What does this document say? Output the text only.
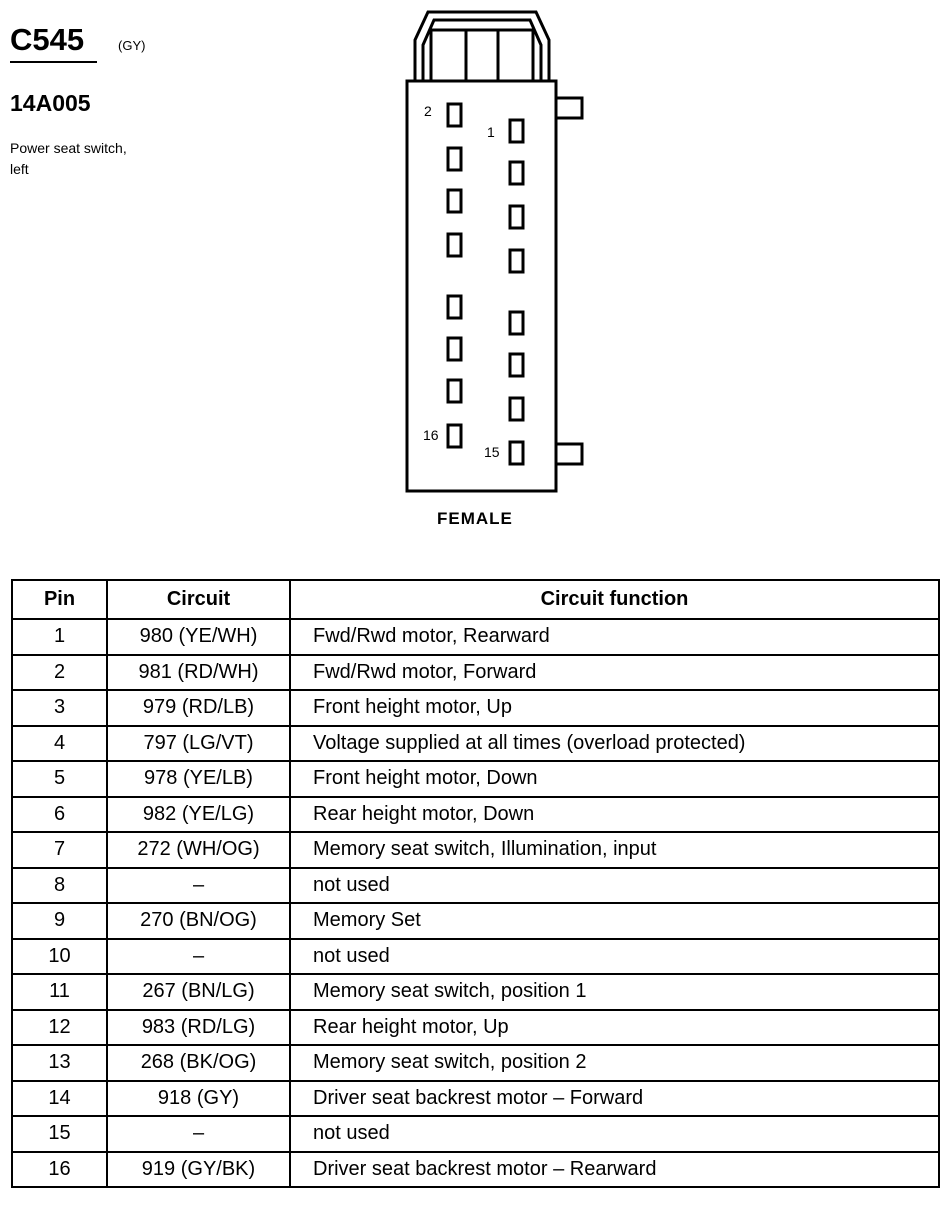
C545	(GY)
14A005
Power seat switch,
left
2
1
16
15
FEMALE
Pin	Circuit	Circuit function
1	980 (YE/WH)	Fwd/Rwd motor, Rearward
2	981 (RD/WH)	Fwd/Rwd motor, Forward
3	979 (RD/LB)	Front height motor, Up
4	797 (LG/VT)	Voltage supplied at all times (overload protected)
5	978 (YE/LB)	Front height motor, Down
6	982 (YE/LG)	Rear height motor, Down
7	272 (WH/OG)	Memory seat switch, Illumination, input
8	–	not used
9	270 (BN/OG)	Memory Set
10	–	not used
11	267 (BN/LG)	Memory seat switch, position 1
12	983 (RD/LG)	Rear height motor, Up
13	268 (BK/OG)	Memory seat switch, position 2
14	918 (GY)	Driver seat backrest motor – Forward
15	–	not used
16	919 (GY/BK)	Driver seat backrest motor – Rearward
